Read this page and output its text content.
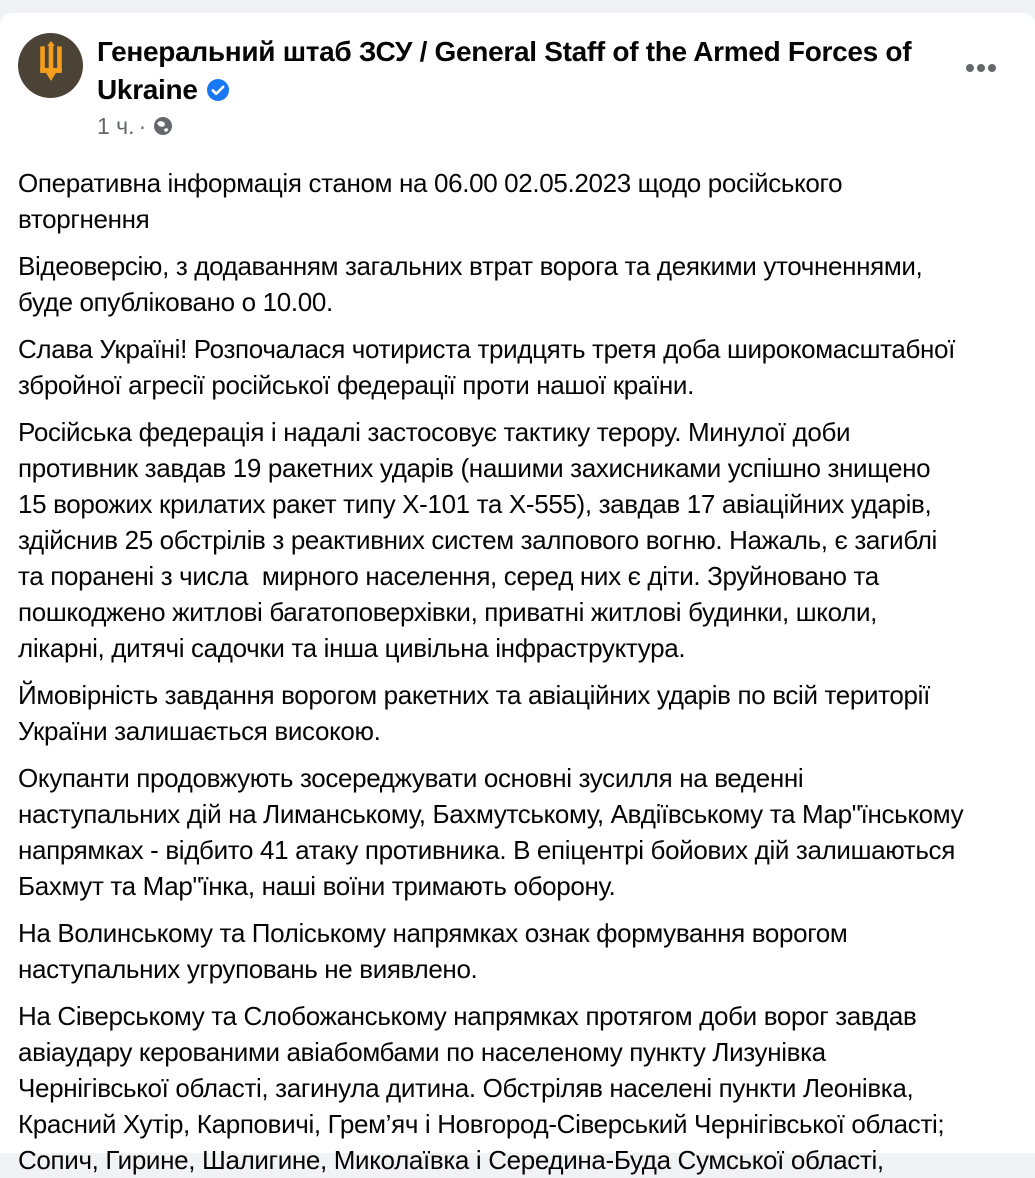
Генеральний штаб ЗСУ / General Staff of the Armed Forces of
Ukraine
1 ч. ·
Оперативна інформація станом на 06.00 02.05.2023 щодо російського
вторгнення
Відеоверсію, з додаванням загальних втрат ворога та деякими уточненнями,
буде опубліковано о 10.00.
Слава Україні! Розпочалася чотириста тридцять третя доба широкомасштабної
збройної агресії російської федерації проти нашої країни.
Російська федерація і надалі застосовує тактику терору. Минулої доби
противник завдав 19 ракетних ударів (нашими захисниками успішно знищено
15 ворожих крилатих ракет типу Х-101 та Х-555), завдав 17 авіаційних ударів,
здійснив 25 обстрілів з реактивних систем залпового вогню. Нажаль, є загиблі
та поранені з числа  мирного населення, серед них є діти. Зруйновано та
пошкоджено житлові багатоповерхівки, приватні житлові будинки, школи,
лікарні, дитячі садочки та інша цивільна інфраструктура.
Ймовірність завдання ворогом ракетних та авіаційних ударів по всій території
України залишається високою.
Окупанти продовжують зосереджувати основні зусилля на веденні
наступальних дій на Лиманському, Бахмутському, Авдіївському та Мар"їнському
напрямках - відбито 41 атаку противника. В епіцентрі бойових дій залишаються
Бахмут та Мар"їнка, наші воїни тримають оборону.
На Волинському та Поліському напрямках ознак формування ворогом
наступальних угруповань не виявлено.
На Сіверському та Слобожанському напрямках протягом доби ворог завдав
авіаудару керованими авіабомбами по населеному пункту Лизунівка
Чернігівської області, загинула дитина. Обстріляв населені пункти Леонівка,
Красний Хутір, Карповичі, Грем’яч і Новгород-Сіверський Чернігівської області;
Сопич, Гирине, Шалигине, Миколаївка і Середина-Буда Сумської області,
